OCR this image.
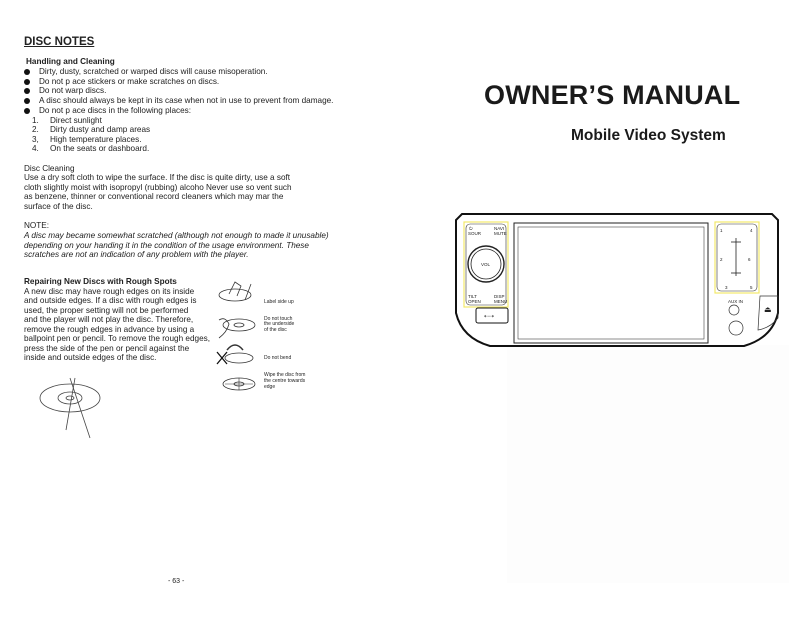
DISC NOTES
Handling and Cleaning
Dirty, dusty, scratched or warped discs will cause misoperation.
Do not p ace stickers or make scratches on discs.
Do not warp discs.
A disc should always be kept in its case when not in use to prevent from damage.
Do not p ace discs in the following places:
1. Direct sunlight
2. Dirty dusty and damp areas
3, High temperature places.
4. On the seats or dashboard.
Disc Cleaning
Use a dry soft cloth to wipe the surface. If the disc is quite dirty, use a soft
cloth slightly moist with isopropyl (rubbing) alcoho Never use so vent such
as benzene, thinner or conventional record cleaners which may mar the
surface of the disc.
NOTE:
A disc may became somewhat scratched (although not enough to made it unusable)
depending on your handing it in the condition of the usage environment. These
scratches are not an indication of any problem with the player.
Repairing New Discs with Rough Spots
A new disc may have rough edges on its inside
and outside edges. If a disc with rough edges is
used, the proper setting will not be performed
and the player will not play the disc. Therefore,
remove the rough edges in advance by using a
ballpoint pen or pencil. To remove the rough edges,
press the side of the pen or pencil against the
inside and outside edges of the disc.
Label side up
Do not touch
the underside
of the disc
Do not bend
Wipe the disc from
the centre towards
edge
- 63 -
OWNER’S MANUAL
Mobile Video System
VOL
⏻
SOUR
NAVI
MUTE
TILT
OPEN
DISP
MENU
⇠⇢
1
2
3
4
5
6
AUX IN
⏏
